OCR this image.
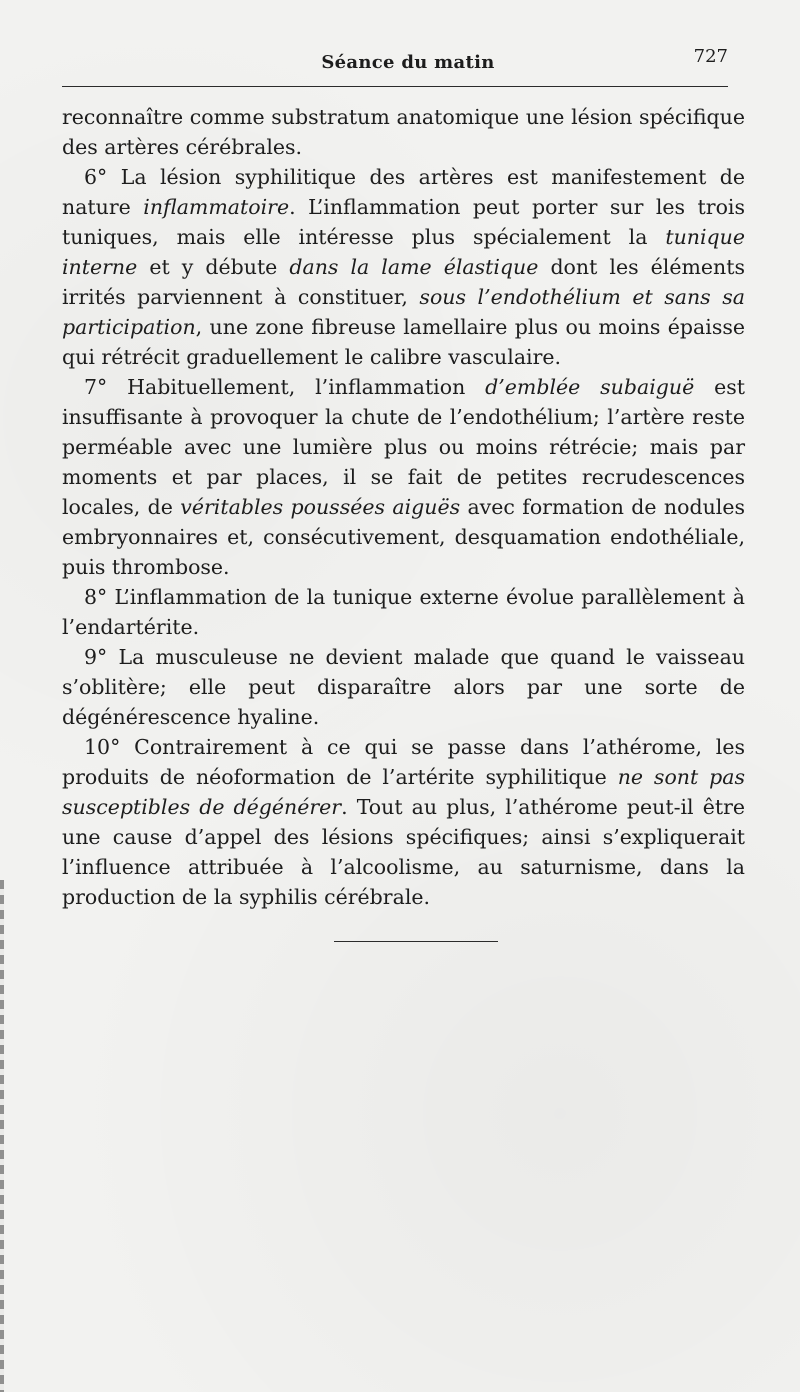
Séance du matin	727

reconnaître comme substratum anatomique une lésion spécifique des artères cérébrales.

6° La lésion syphilitique des artères est manifestement de nature inflammatoire. L’inflammation peut porter sur les trois tuniques, mais elle intéresse plus spécialement la tunique interne et y débute dans la lame élastique dont les éléments irrités parviennent à constituer, sous l’endothélium et sans sa participation, une zone fibreuse lamellaire plus ou moins épaisse qui rétrécit graduellement le calibre vasculaire.

7° Habituellement, l’inflammation d’emblée subaiguë est insuffisante à provoquer la chute de l’endothélium; l’artère reste perméable avec une lumière plus ou moins rétrécie; mais par moments et par places, il se fait de petites recrudescences locales, de véritables poussées aiguës avec formation de nodules embryonnaires et, consécutivement, desquamation endothéliale, puis thrombose.

8° L’inflammation de la tunique externe évolue parallèlement à l’endartérite.

9° La musculeuse ne devient malade que quand le vaisseau s’oblitère; elle peut disparaître alors par une sorte de dégénérescence hyaline.

10° Contrairement à ce qui se passe dans l’athérome, les produits de néoformation de l’artérite syphilitique ne sont pas susceptibles de dégénérer. Tout au plus, l’athérome peut-il être une cause d’appel des lésions spécifiques; ainsi s’expliquerait l’influence attribuée à l’alcoolisme, au saturnisme, dans la production de la syphilis cérébrale.
